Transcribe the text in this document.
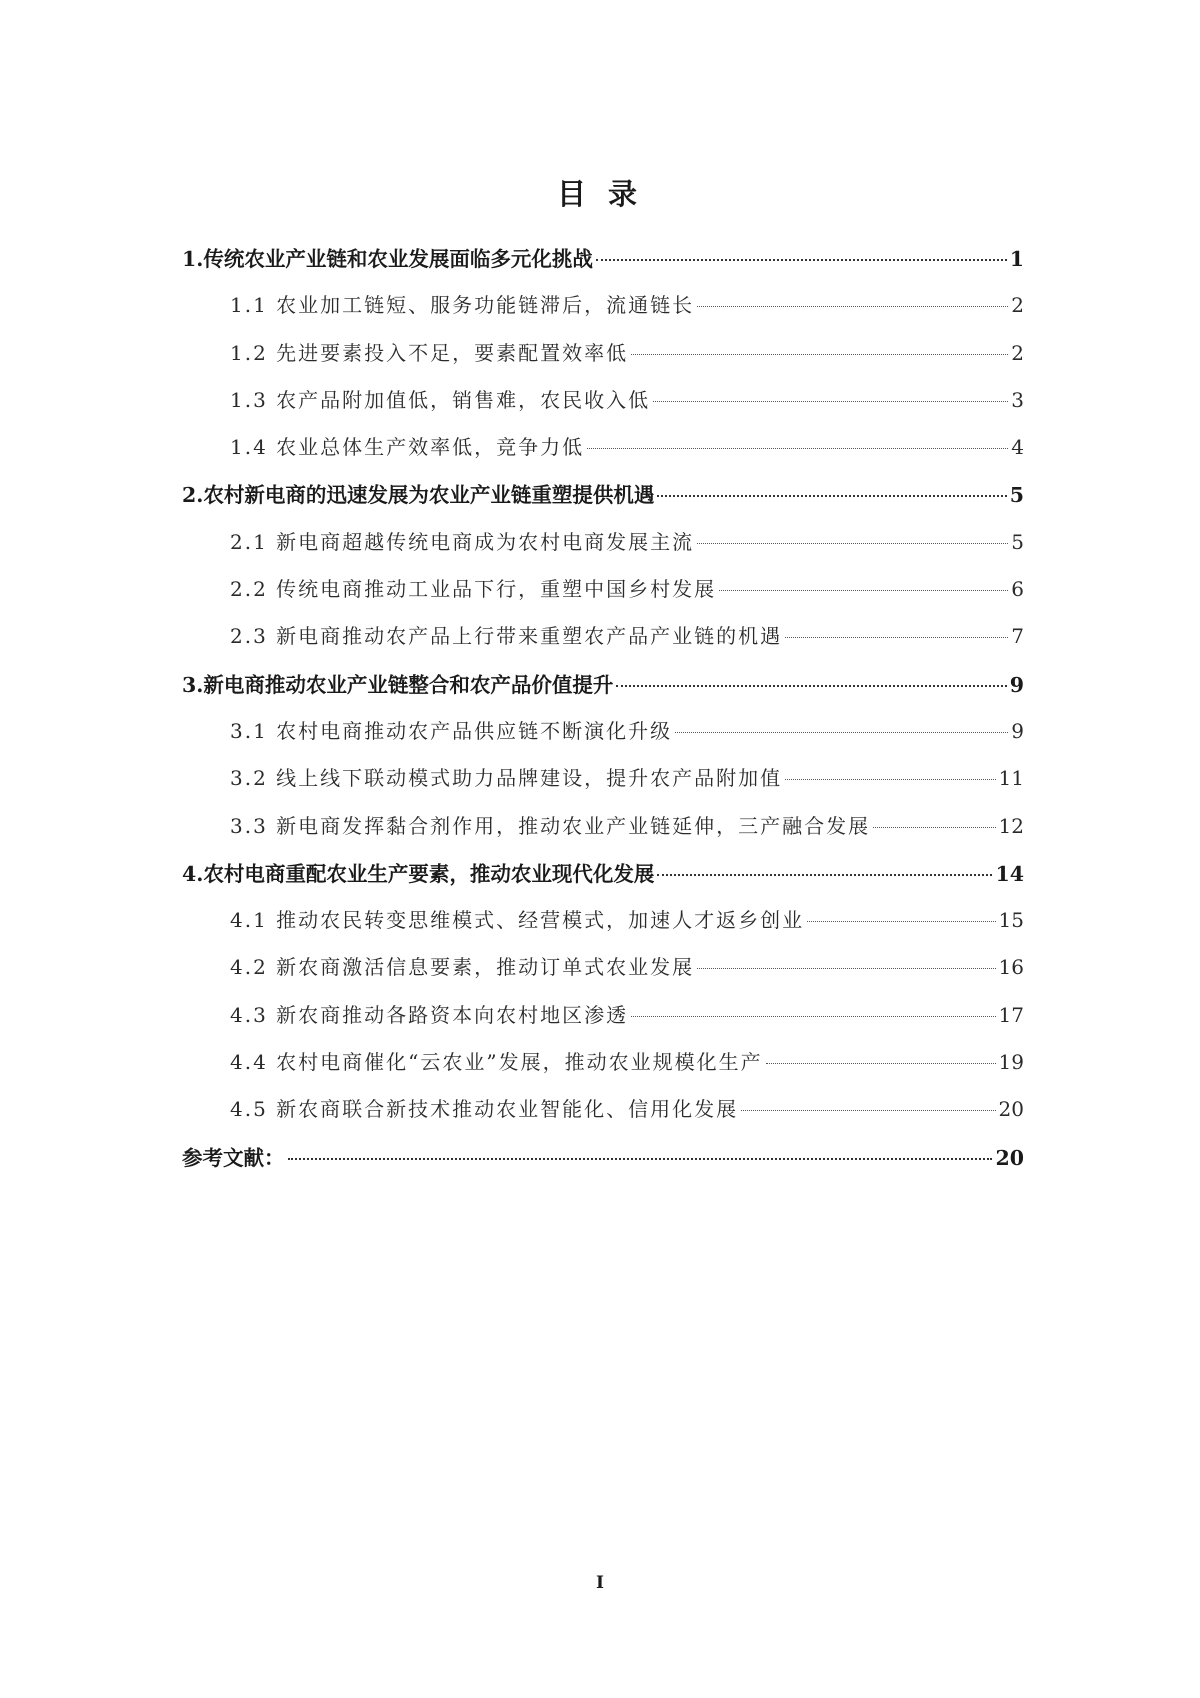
目 录
1.传统农业产业链和农业发展面临多元化挑战	1
1.1 农业加工链短、服务功能链滞后，流通链长	2
1.2 先进要素投入不足，要素配置效率低	2
1.3 农产品附加值低，销售难，农民收入低	3
1.4 农业总体生产效率低，竞争力低	4
2.农村新电商的迅速发展为农业产业链重塑提供机遇	5
2.1 新电商超越传统电商成为农村电商发展主流	5
2.2 传统电商推动工业品下行，重塑中国乡村发展	6
2.3 新电商推动农产品上行带来重塑农产品产业链的机遇	7
3.新电商推动农业产业链整合和农产品价值提升	9
3.1 农村电商推动农产品供应链不断演化升级	9
3.2 线上线下联动模式助力品牌建设，提升农产品附加值	11
3.3 新电商发挥黏合剂作用，推动农业产业链延伸，三产融合发展	12
4.农村电商重配农业生产要素，推动农业现代化发展	14
4.1 推动农民转变思维模式、经营模式，加速人才返乡创业	15
4.2 新农商激活信息要素，推动订单式农业发展	16
4.3 新农商推动各路资本向农村地区渗透	17
4.4 农村电商催化“云农业”发展，推动农业规模化生产	19
4.5 新农商联合新技术推动农业智能化、信用化发展	20
参考文献：	20
I
